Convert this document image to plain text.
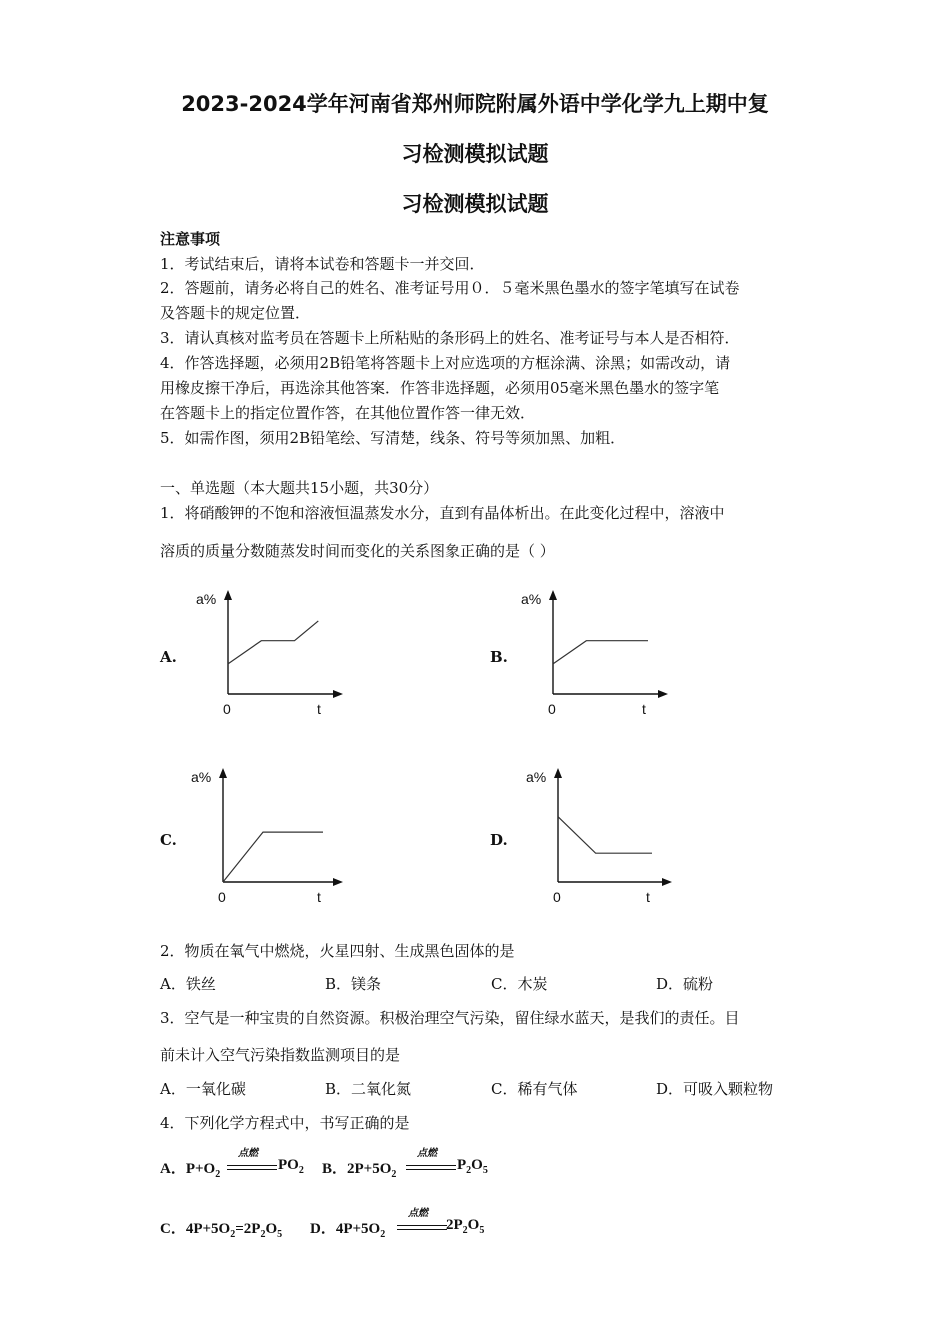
2023-2024学年河南省郑州师院附属外语中学化学九上期中复
习检测模拟试题
习检测模拟试题
注意事项
1．考试结束后，请将本试卷和答题卡一并交回．
2．答题前，请务必将自己的姓名、准考证号用０．５毫米黑色墨水的签字笔填写在试卷
及答题卡的规定位置．
3．请认真核对监考员在答题卡上所粘贴的条形码上的姓名、准考证号与本人是否相符．
4．作答选择题，必须用2B铅笔将答题卡上对应选项的方框涂满、涂黑；如需改动，请
用橡皮擦干净后，再选涂其他答案．作答非选择题，必须用05毫米黑色墨水的签字笔
在答题卡上的指定位置作答，在其他位置作答一律无效．
5．如需作图，须用2B铅笔绘、写清楚，线条、符号等须加黑、加粗．
一、单选题（本大题共15小题，共30分）
1．将硝酸钾的不饱和溶液恒温蒸发水分，直到有晶体析出。在此变化过程中，溶液中
溶质的质量分数随蒸发时间而变化的关系图象正确的是（ ）
A.	B.
C.	D.
a%
t
0
a%
t
0
a%
t
0
a%
t
0
2．物质在氧气中燃烧，火星四射、生成黑色固体的是
A．铁丝	B．镁条	C．木炭	D．硫粉
3．空气是一种宝贵的自然资源。积极治理空气污染，留住绿水蓝天，是我们的责任。目
前未计入空气污染指数监测项目的是
A．一氧化碳	B．二氧化氮	C．稀有气体	D．可吸入颗粒物
4．下列化学方程式中，书写正确的是
A．$P+O_2$
点燃
$PO_2$ B．$2P+5O_2$
点燃
$P_2O_5$
C．$4P+5O_2=2P_2O_5$ D．$4P+5O_2$
点燃
$2P_2O_5$
